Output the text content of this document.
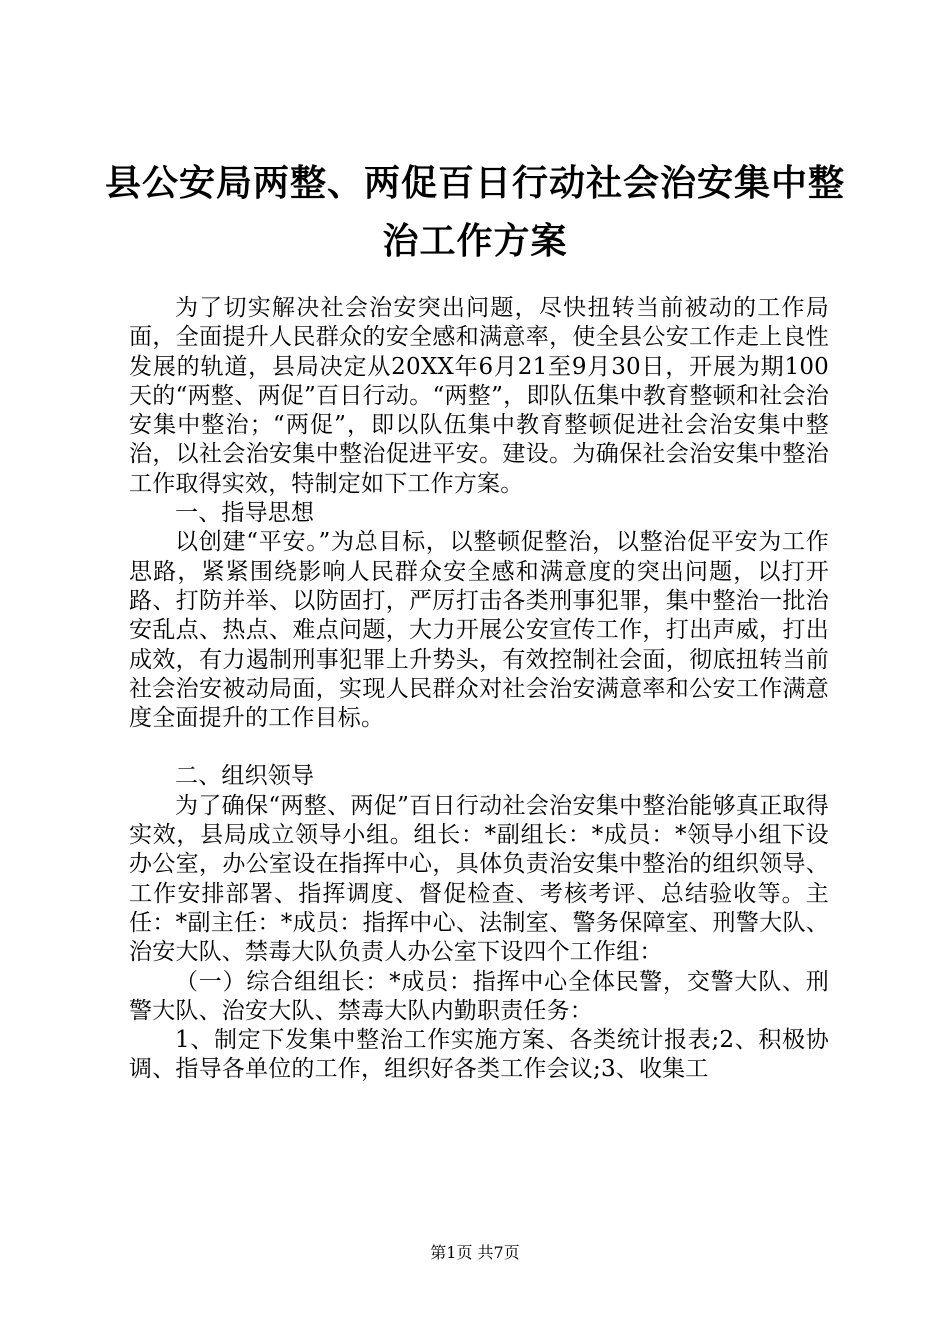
县公安局两整、两促百日行动社会治安集中整
治工作方案

为了切实解决社会治安突出问题，尽快扭转当前被动的工作局面，全面提升人民群众的安全感和满意率，使全县公安工作走上良性发展的轨道，县局决定从20XX年6月21至9月30日，开展为期100天的“两整、两促”百日行动。“两整”，即队伍集中教育整顿和社会治安集中整治；“两促”，即以队伍集中教育整顿促进社会治安集中整治，以社会治安集中整治促进平安。建设。为确保社会治安集中整治工作取得实效，特制定如下工作方案。

一、指导思想

以创建“平安。”为总目标，以整顿促整治，以整治促平安为工作思路，紧紧围绕影响人民群众安全感和满意度的突出问题，以打开路、打防并举、以防固打，严厉打击各类刑事犯罪，集中整治一批治安乱点、热点、难点问题，大力开展公安宣传工作，打出声威，打出成效，有力遏制刑事犯罪上升势头，有效控制社会面，彻底扭转当前社会治安被动局面，实现人民群众对社会治安满意率和公安工作满意度全面提升的工作目标。

二、组织领导

为了确保“两整、两促”百日行动社会治安集中整治能够真正取得实效，县局成立领导小组。组长：*副组长：*成员：*领导小组下设办公室，办公室设在指挥中心，具体负责治安集中整治的组织领导、工作安排部署、指挥调度、督促检查、考核考评、总结验收等。主任：*副主任：*成员：指挥中心、法制室、警务保障室、刑警大队、治安大队、禁毒大队负责人办公室下设四个工作组：

（一）综合组组长：*成员：指挥中心全体民警，交警大队、刑警大队、治安大队、禁毒大队内勤职责任务：

1、制定下发集中整治工作实施方案、各类统计报表;2、积极协调、指导各单位的工作，组织好各类工作会议;3、收集工

第1页 共7页
